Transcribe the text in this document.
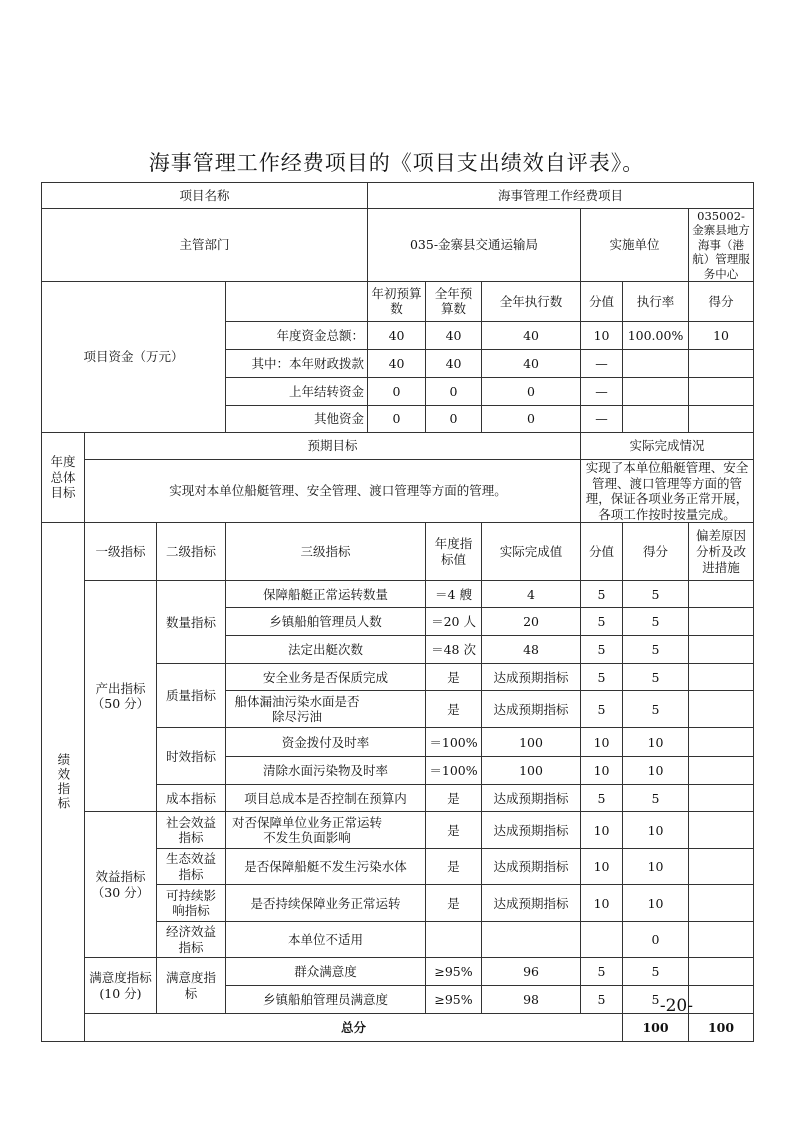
海事管理工作经费项目的《项目支出绩效自评表》。
项目名称				海事管理工作经费项目						
主管部门				035-金寨县交通运输局			实施单位		035002-金寨县地方海事（港航）管理服务中心	
项目资金（万元）				年初预算数	全年预算数	全年执行数	分值	执行率	得分	
			年度资金总额：	40	40	40	10	100.00%	10	
			其中：本年财政拨款	40	40	40	—			
			上年结转资金	0	0	0	—			
			其他资金	0	0	0	—			
年度总体目标	预期目标						实际完成情况			
	实现对本单位船艇管理、安全管理、渡口管理等方面的管理。						实现了本单位船艇管理、安全管理、渡口管理等方面的管理，保证各项业务正常开展，各项工作按时按量完成。			
绩效指标	一级指标	二级指标	三级指标		年度指标值	实际完成值	分值	得分	偏差原因分析及改进措施	
	产出指标（50 分）	数量指标	保障船艇正常运转数量		＝4 艘	4	5	5		
			乡镇船舶管理员人数		＝20 人	20	5	5		
			法定出艇次数		＝48 次	48	5	5		
		质量指标	安全业务是否保质完成		是	达成预期指标	5	5		
			船体漏油污染水面是否除尽污油		是	达成预期指标	5	5		
		时效指标	资金拨付及时率		＝100%	100	10	10		
			清除水面污染物及时率		＝100%	100	10	10		
		成本指标	项目总成本是否控制在预算内		是	达成预期指标	5	5		
	效益指标（30 分）	社会效益指标	对否保障单位业务正常运转不发生负面影响		是	达成预期指标	10	10		
		生态效益指标	是否保障船艇不发生污染水体		是	达成预期指标	10	10		
		可持续影响指标	是否持续保障业务正常运转		是	达成预期指标	10	10		
		经济效益指标	本单位不适用					0		
	满意度指标(10 分)	满意度指标	群众满意度		≥95%	96	5	5		
			乡镇船舶管理员满意度		≥95%	98	5	5		
	总分							100	100	
-20-
